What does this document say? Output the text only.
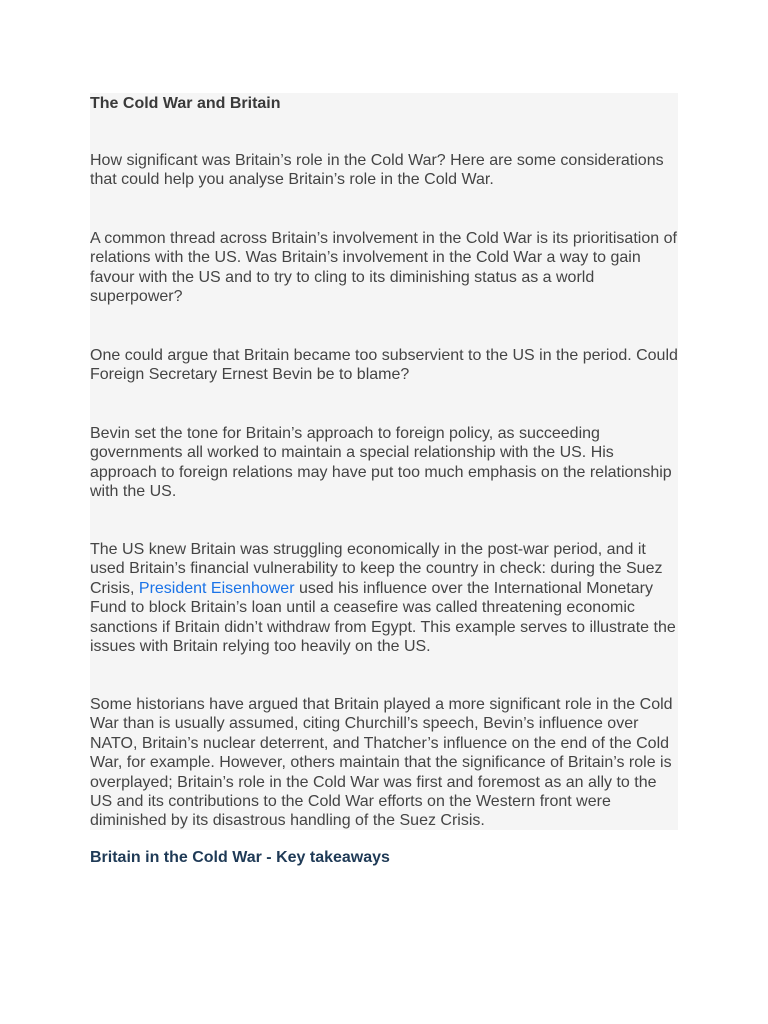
The Cold War and Britain

How significant was Britain’s role in the Cold War? Here are some considerations that could help you analyse Britain’s role in the Cold War.

A common thread across Britain’s involvement in the Cold War is its prioritisation of relations with the US. Was Britain’s involvement in the Cold War a way to gain favour with the US and to try to cling to its diminishing status as a world superpower?

One could argue that Britain became too subservient to the US in the period. Could Foreign Secretary Ernest Bevin be to blame?

Bevin set the tone for Britain’s approach to foreign policy, as succeeding governments all worked to maintain a special relationship with the US. His approach to foreign relations may have put too much emphasis on the relationship with the US.

The US knew Britain was struggling economically in the post-war period, and it used Britain’s financial vulnerability to keep the country in check: during the Suez Crisis, President Eisenhower used his influence over the International Monetary Fund to block Britain’s loan until a ceasefire was called threatening economic sanctions if Britain didn’t withdraw from Egypt. This example serves to illustrate the issues with Britain relying too heavily on the US.

Some historians have argued that Britain played a more significant role in the Cold War than is usually assumed, citing Churchill’s speech, Bevin’s influence over NATO, Britain’s nuclear deterrent, and Thatcher’s influence on the end of the Cold War, for example. However, others maintain that the significance of Britain’s role is overplayed; Britain’s role in the Cold War was first and foremost as an ally to the US and its contributions to the Cold War efforts on the Western front were diminished by its disastrous handling of the Suez Crisis.

Britain in the Cold War - Key takeaways
